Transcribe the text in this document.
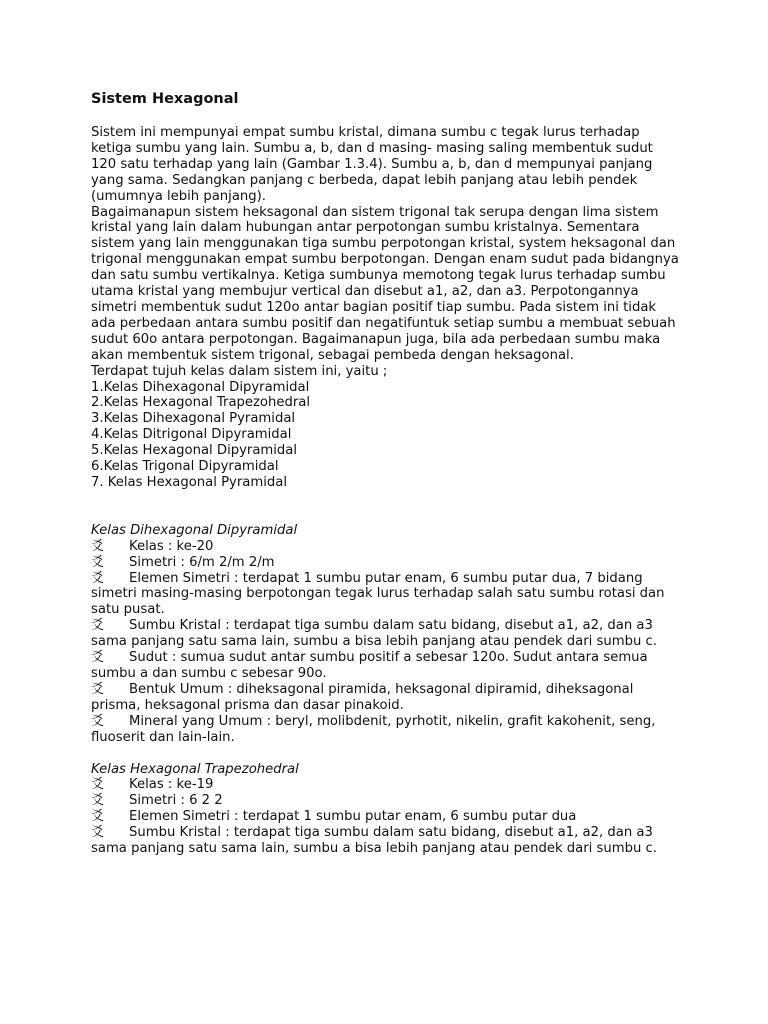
Sistem Hexagonal

Sistem ini mempunyai empat sumbu kristal, dimana sumbu c tegak lurus terhadap ketiga sumbu yang lain. Sumbu a, b, dan d masing- masing saling membentuk sudut 120 satu terhadap yang lain (Gambar 1.3.4). Sumbu a, b, dan d mempunyai panjang yang sama. Sedangkan panjang c berbeda, dapat lebih panjang atau lebih pendek (umumnya lebih panjang).

Bagaimanapun sistem heksagonal dan sistem trigonal tak serupa dengan lima sistem kristal yang lain dalam hubungan antar perpotongan sumbu kristalnya. Sementara sistem yang lain menggunakan tiga sumbu perpotongan kristal, system heksagonal dan trigonal menggunakan empat sumbu berpotongan. Dengan enam sudut pada bidangnya dan satu sumbu vertikalnya. Ketiga sumbunya memotong tegak lurus terhadap sumbu utama kristal yang membujur vertical dan disebut a1, a2, dan a3. Perpotongannya simetri membentuk sudut 120o antar bagian positif tiap sumbu. Pada sistem ini tidak ada perbedaan antara sumbu positif dan negatifuntuk setiap sumbu a membuat sebuah sudut 60o antara perpotongan. Bagaimanapun juga, bila ada perbedaan sumbu maka akan membentuk sistem trigonal, sebagai pembeda dengan heksagonal.

Terdapat tujuh kelas dalam sistem ini, yaitu ;

1.Kelas Dihexagonal Dipyramidal
2.Kelas Hexagonal Trapezohedral
3.Kelas Dihexagonal Pyramidal
4.Kelas Ditrigonal Dipyramidal
5.Kelas Hexagonal Dipyramidal
6.Kelas Trigonal Dipyramidal
7. Kelas Hexagonal Pyramidal
Kelas Dihexagonal Dipyramidal
⽘ Kelas : ke-20
⽘ Simetri : 6/m 2/m 2/m
⽘ Elemen Simetri : terdapat 1 sumbu putar enam, 6 sumbu putar dua, 7 bidang simetri masing-masing berpotongan tegak lurus terhadap salah satu sumbu rotasi dan satu pusat.
⽘ Sumbu Kristal : terdapat tiga sumbu dalam satu bidang, disebut a1, a2, dan a3 sama panjang satu sama lain, sumbu a bisa lebih panjang atau pendek dari sumbu c.
⽘ Sudut : sumua sudut antar sumbu positif a sebesar 120o. Sudut antara semua sumbu a dan sumbu c sebesar 90o.
⽘ Bentuk Umum : diheksagonal piramida, heksagonal dipiramid, diheksagonal prisma, heksagonal prisma dan dasar pinakoid.
⽘ Mineral yang Umum : beryl, molibdenit, pyrhotit, nikelin, grafit kakohenit, seng, fluoserit dan lain-lain.
Kelas Hexagonal Trapezohedral
⽘ Kelas : ke-19
⽘ Simetri : 6 2 2
⽘ Elemen Simetri : terdapat 1 sumbu putar enam, 6 sumbu putar dua
⽘ Sumbu Kristal : terdapat tiga sumbu dalam satu bidang, disebut a1, a2, dan a3 sama panjang satu sama lain, sumbu a bisa lebih panjang atau pendek dari sumbu c.
